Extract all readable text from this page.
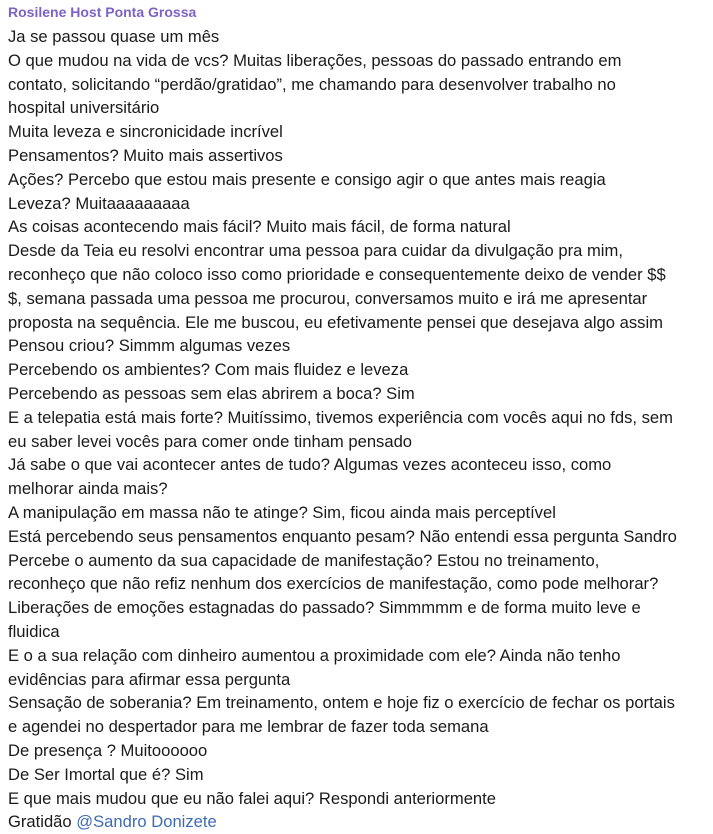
Rosilene Host Ponta Grossa
Ja se passou quase um mês
O que mudou na vida de vcs? Muitas liberações, pessoas do passado entrando em
contato, solicitando “perdão/gratidao”, me chamando para desenvolver trabalho no
hospital universitário
Muita leveza e sincronicidade incrível
Pensamentos? Muito mais assertivos
Ações? Percebo que estou mais presente e consigo agir o que antes mais reagia
Leveza? Muitaaaaaaaaa
As coisas acontecendo mais fácil? Muito mais fácil, de forma natural
Desde da Teia eu resolvi encontrar uma pessoa para cuidar da divulgação pra mim,
reconheço que não coloco isso como prioridade e consequentemente deixo de vender $$
$, semana passada uma pessoa me procurou, conversamos muito e irá me apresentar
proposta na sequência. Ele me buscou, eu efetivamente pensei que desejava algo assim
Pensou criou? Simmm algumas vezes
Percebendo os ambientes? Com mais fluidez e leveza
Percebendo as pessoas sem elas abrirem a boca? Sim
E a telepatia está mais forte? Muitíssimo, tivemos experiência com vocês aqui no fds, sem
eu saber levei vocês para comer onde tinham pensado
Já sabe o que vai acontecer antes de tudo? Algumas vezes aconteceu isso, como
melhorar ainda mais?
A manipulação em massa não te atinge? Sim, ficou ainda mais perceptível
Está percebendo seus pensamentos enquanto pesam? Não entendi essa pergunta Sandro
Percebe o aumento da sua capacidade de manifestação? Estou no treinamento,
reconheço que não refiz nenhum dos exercícios de manifestação, como pode melhorar?
Liberações de emoções estagnadas do passado? Simmmmm e de forma muito leve e
fluidica
E o a sua relação com dinheiro aumentou a proximidade com ele? Ainda não tenho
evidências para afirmar essa pergunta
Sensação de soberania? Em treinamento, ontem e hoje fiz o exercício de fechar os portais
e agendei no despertador para me lembrar de fazer toda semana
De presença ? Muitoooooo
De Ser Imortal que é? Sim
E que mais mudou que eu não falei aqui? Respondi anteriormente
Gratidão @Sandro Donizete
